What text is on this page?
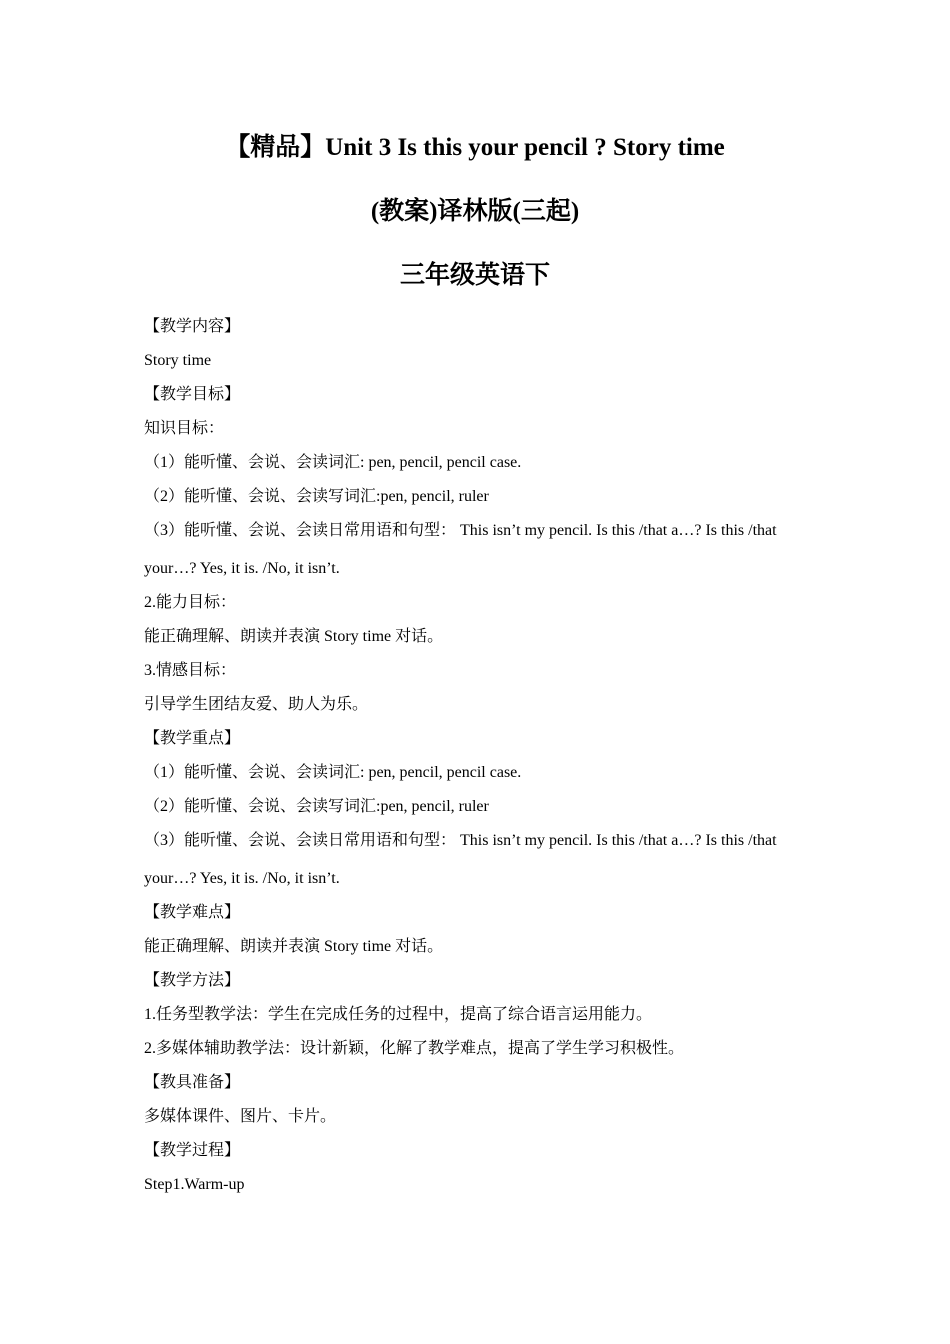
【精品】Unit 3 Is this your pencil ? Story time
(教案)译林版(三起)
三年级英语下
【教学内容】
Story time
【教学目标】
知识目标：
（1）能听懂、会说、会读词汇: pen, pencil, pencil case.
（2）能听懂、会说、会读写词汇:pen, pencil, ruler
（3）能听懂、会说、会读日常用语和句型： This isn’t my pencil. Is this /that a…? Is this /that
your…? Yes, it is. /No, it isn’t.
2.能力目标：
能正确理解、朗读并表演 Story time 对话。
3.情感目标：
引导学生团结友爱、助人为乐。
【教学重点】
（1）能听懂、会说、会读词汇: pen, pencil, pencil case.
（2）能听懂、会说、会读写词汇:pen, pencil, ruler
（3）能听懂、会说、会读日常用语和句型： This isn’t my pencil. Is this /that a…? Is this /that
your…? Yes, it is. /No, it isn’t.
【教学难点】
能正确理解、朗读并表演 Story time 对话。
【教学方法】
1.任务型教学法：学生在完成任务的过程中，提高了综合语言运用能力。
2.多媒体辅助教学法：设计新颖，化解了教学难点，提高了学生学习积极性。
【教具准备】
多媒体课件、图片、卡片。
【教学过程】
Step1.Warm-up
